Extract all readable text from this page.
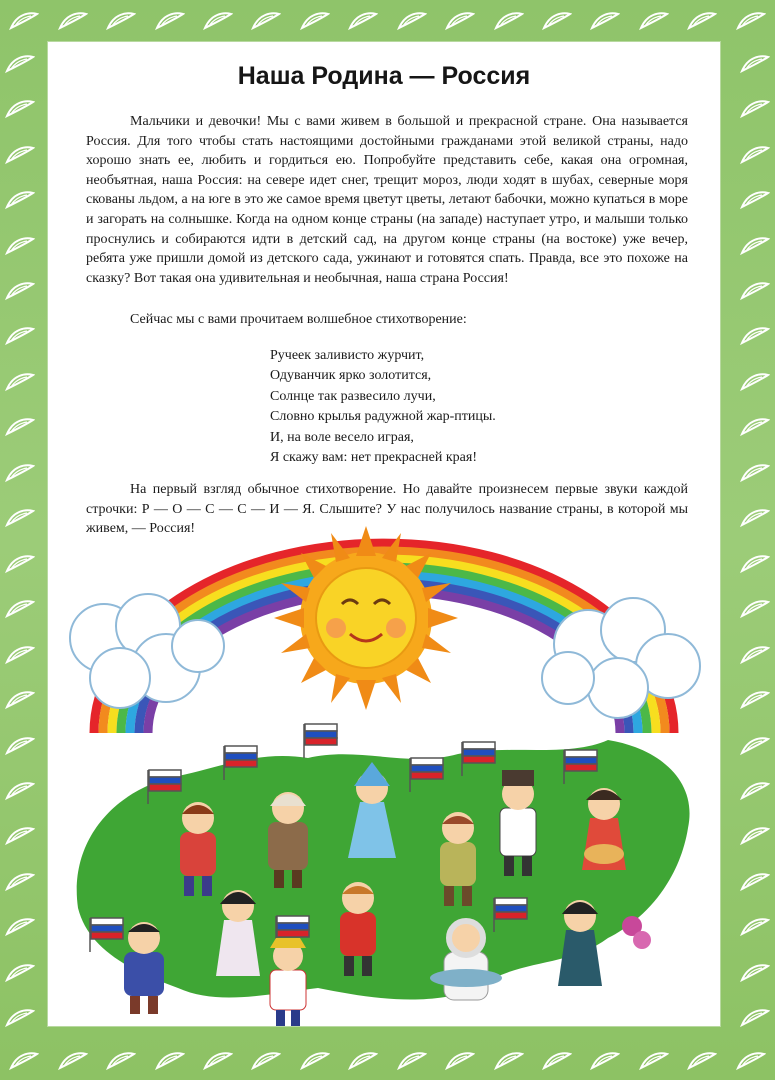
Наша Родина — Россия

Мальчики и девочки! Мы с вами живем в большой и прекрасной стране. Она называется Россия. Для того чтобы стать настоящими достойными гражданами этой великой страны, надо хорошо знать ее, любить и гордиться ею. Попробуйте представить себе, какая она огромная, необъятная, наша Россия: на севере идет снег, трещит мороз, люди ходят в шубах, северные моря скованы льдом, а на юге в это же самое время цветут цветы, летают бабочки, можно купаться в море и загорать на солнышке. Когда на одном конце страны (на западе) наступает утро, и малыши только проснулись и собираются идти в детский сад, на другом конце страны (на востоке) уже вечер, ребята уже пришли домой из детского сада, ужинают и готовятся спать. Правда, все это похоже на сказку? Вот такая она удивительная и необычная, наша страна Россия!

Сейчас мы с вами прочитаем волшебное стихотворение:

Ручеек заливисто журчит,
Одуванчик ярко золотится,
Солнце так развесило лучи,
Словно крылья радужной жар-птицы.
И, на воле весело играя,
Я скажу вам: нет прекрасней края!

На первый взгляд обычное стихотворение. Но давайте произнесем первые звуки каждой строчки: Р — О — С — С — И — Я. Слышите? У нас получилось название страны, в которой мы живем, — Россия!
